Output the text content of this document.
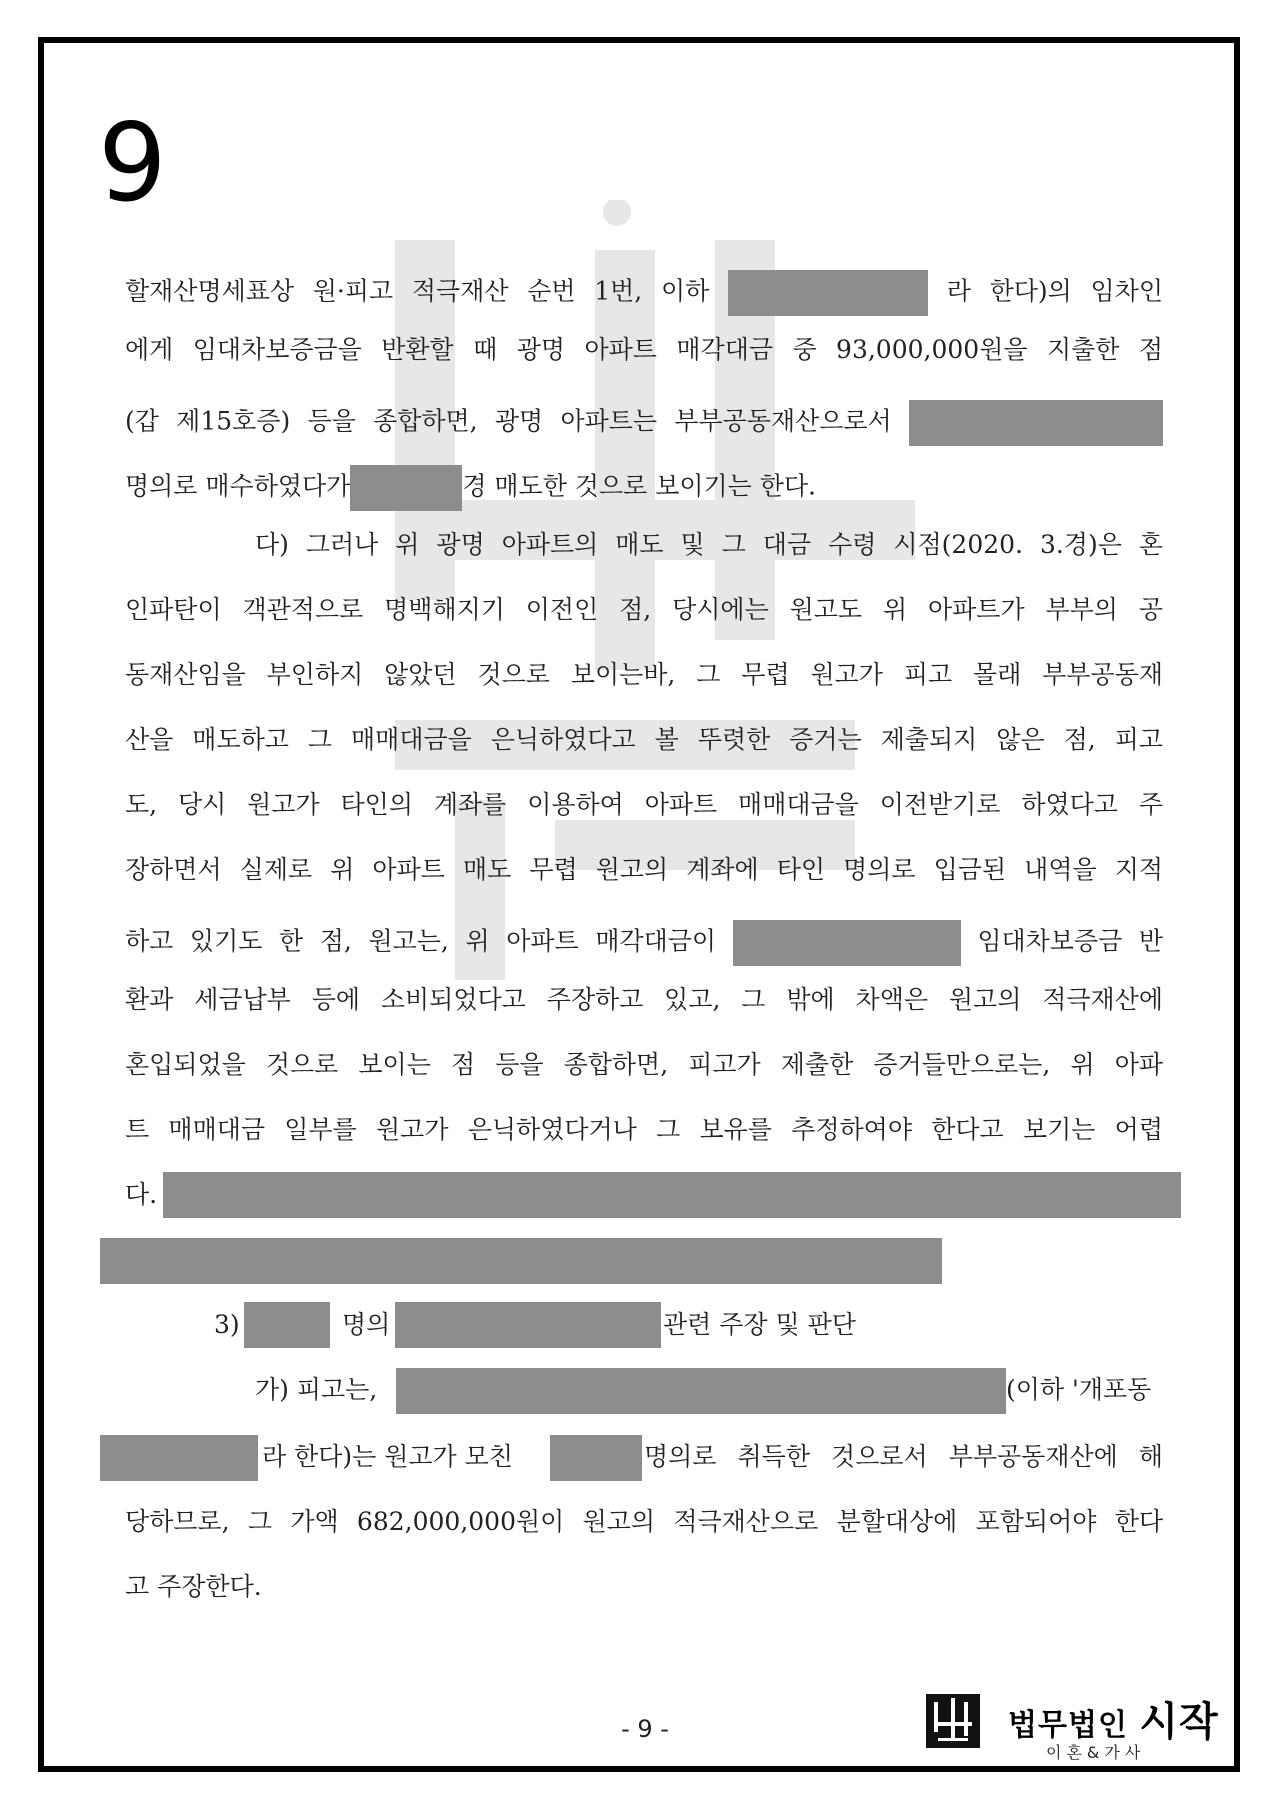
9
할재산명세표상 원·피고 적극재산 순번 1번, 이하	라 한다)의 임차인
에게 임대차보증금을 반환할 때 광명 아파트 매각대금 중 93,000,000원을 지출한 점
(갑 제15호증) 등을 종합하면, 광명 아파트는 부부공동재산으로서
명의로 매수하였다가	경 매도한 것으로 보이기는 한다.
다) 그러나 위 광명 아파트의 매도 및 그 대금 수령 시점(2020. 3.경)은 혼
인파탄이 객관적으로 명백해지기 이전인 점, 당시에는 원고도 위 아파트가 부부의 공
동재산임을 부인하지 않았던 것으로 보이는바, 그 무렵 원고가 피고 몰래 부부공동재
산을 매도하고 그 매매대금을 은닉하였다고 볼 뚜렷한 증거는 제출되지 않은 점, 피고
도, 당시 원고가 타인의 계좌를 이용하여 아파트 매매대금을 이전받기로 하였다고 주
장하면서 실제로 위 아파트 매도 무렵 원고의 계좌에 타인 명의로 입금된 내역을 지적
하고 있기도 한 점, 원고는, 위 아파트 매각대금이	임대차보증금 반
환과 세금납부 등에 소비되었다고 주장하고 있고, 그 밖에 차액은 원고의 적극재산에
혼입되었을 것으로 보이는 점 등을 종합하면, 피고가 제출한 증거들만으로는, 위 아파
트 매매대금 일부를 원고가 은닉하였다거나 그 보유를 추정하여야 한다고 보기는 어렵
다.
3)	명의	관련 주장 및 판단
가) 피고는,	(이하 '개포동
라 한다)는 원고가 모친	명의로 취득한 것으로서 부부공동재산에 해
당하므로, 그 가액 682,000,000원이 원고의 적극재산으로 분할대상에 포함되어야 한다
고 주장한다.
- 9 -	법무법인 시작
이혼&가사
